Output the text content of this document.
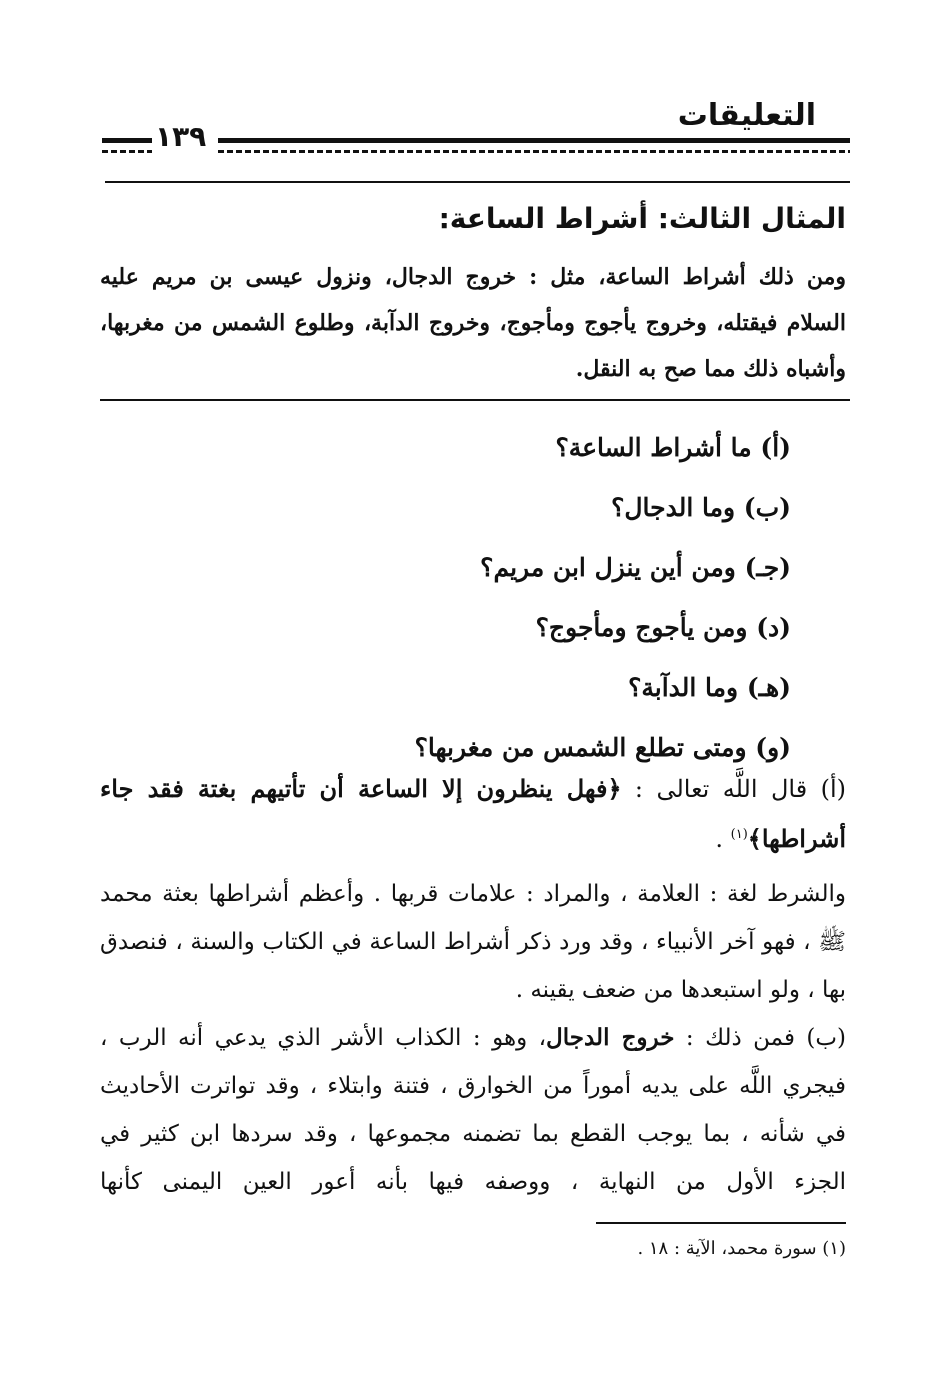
التعليقات
١٣٩
المثال الثالث: أشراط الساعة:

ومن ذلك أشراط الساعة، مثل : خروج الدجال، ونزول عيسى بن مريم عليه السلام فيقتله، وخروج يأجوج ومأجوج، وخروج الدآبة، وطلوع الشمس من مغربها، وأشباه ذلك مما صح به النقل.

(أ) ما أشراط الساعة؟
(ب) وما الدجال؟
(جـ) ومن أين ينزل ابن مريم؟
(د) ومن يأجوج ومأجوج؟
(هـ) وما الدآبة؟
(و) ومتى تطلع الشمس من مغربها؟

(أ) قال اللَّه تعالى : ﴿فهل ينظرون إلا الساعة أن تأتيهم بغتة فقد جاء أشراطها﴾$^{(١)}$ .

والشرط لغة : العلامة ، والمراد : علامات قربها . وأعظم أشراطها بعثة محمد ﷺ ، فهو آخر الأنبياء ، وقد ورد ذكر أشراط الساعة في الكتاب والسنة ، فنصدق بها ، ولو استبعدها من ضعف يقينه .

(ب) فمن ذلك : خروج الدجال، وهو : الكذاب الأشر الذي يدعي أنه الرب ، فيجري اللَّه على يديه أموراً من الخوارق ، فتنة وابتلاء ، وقد تواترت الأحاديث في شأنه ، بما يوجب القطع بما تضمنه مجموعها ، وقد سردها ابن كثير في الجزء الأول من النهاية ، ووصفه فيها بأنه أعور العين اليمنى كأنها

(١) سورة محمد، الآية : ١٨ .
